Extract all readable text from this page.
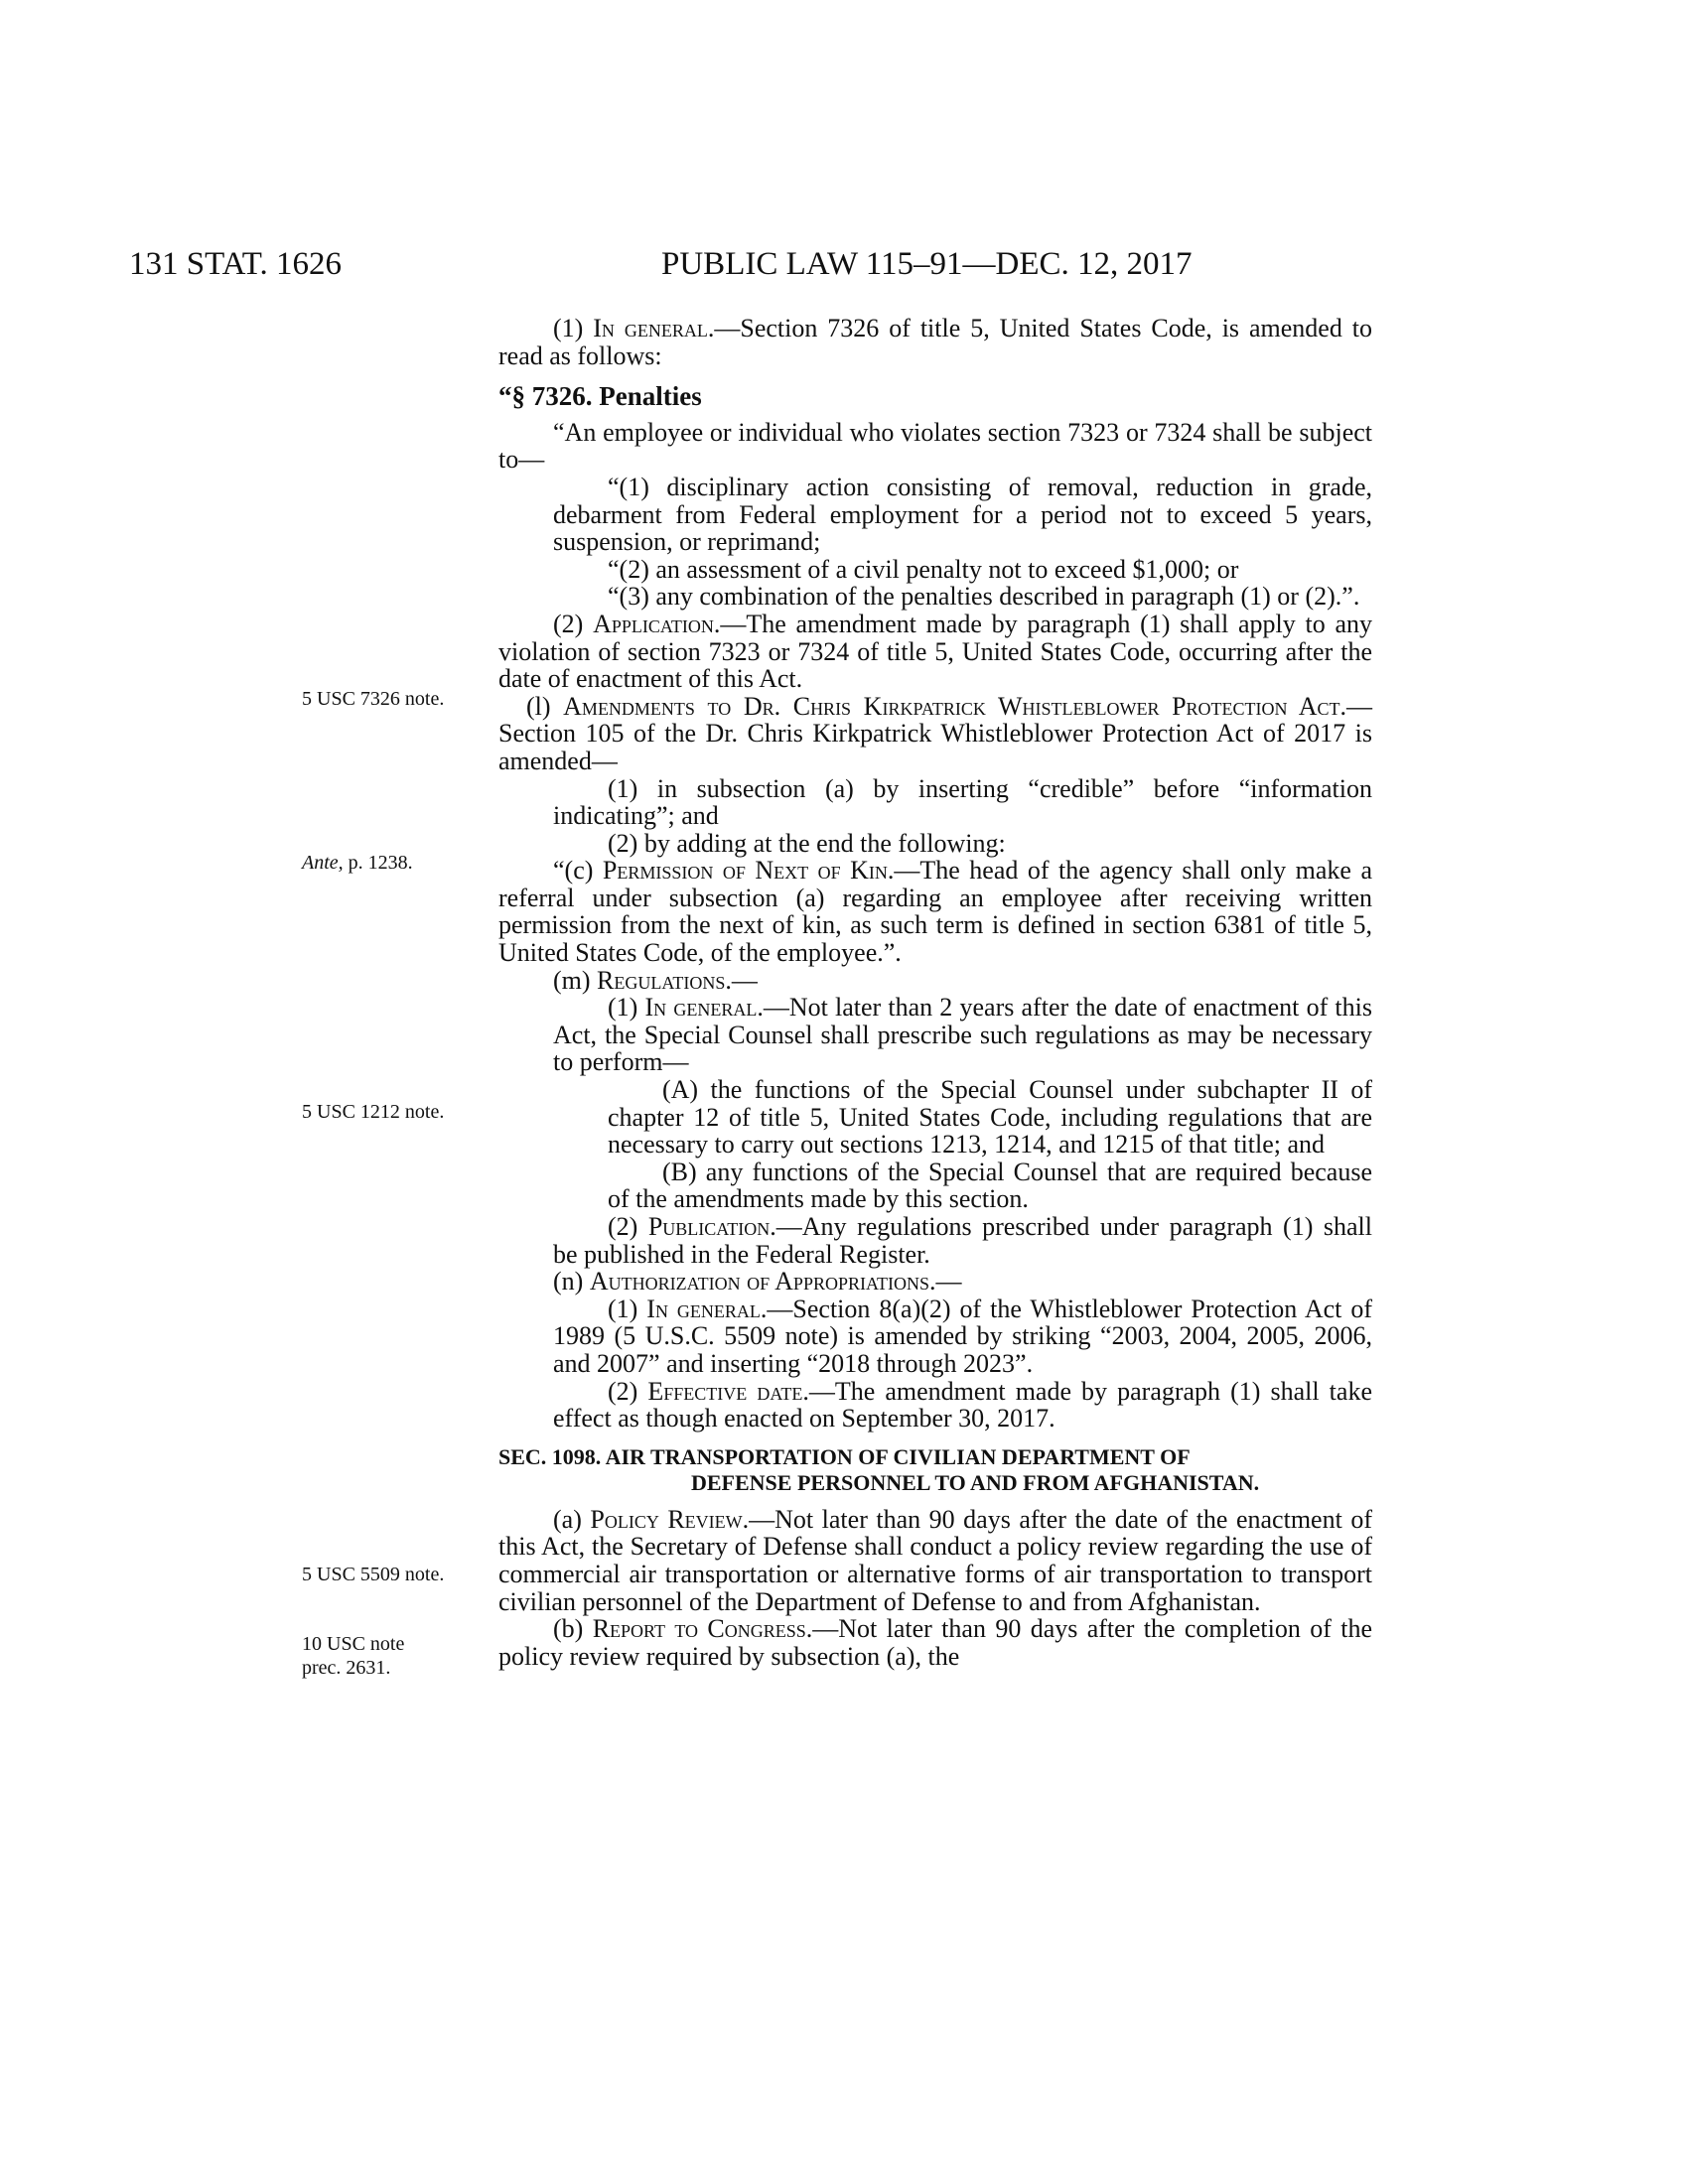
131 STAT. 1626	PUBLIC LAW 115–91—DEC. 12, 2017
5 USC 7326 note.
Ante, p. 1238.
5 USC 1212 note.
5 USC 5509 note.
10 USC note
prec. 2631.

(1) In general.—Section 7326 of title 5, United States Code, is amended to read as follows:

“§ 7326. Penalties

“An employee or individual who violates section 7323 or 7324 shall be subject to—

“(1) disciplinary action consisting of removal, reduction in grade, debarment from Federal employment for a period not to exceed 5 years, suspension, or reprimand;

“(2) an assessment of a civil penalty not to exceed $1,000; or

“(3) any combination of the penalties described in paragraph (1) or (2).”.

(2) Application.—The amendment made by paragraph (1) shall apply to any violation of section 7323 or 7324 of title 5, United States Code, occurring after the date of enactment of this Act.

(l) Amendments to Dr. Chris Kirkpatrick Whistleblower Protection Act.—Section 105 of the Dr. Chris Kirkpatrick Whistleblower Protection Act of 2017 is amended—

(1) in subsection (a) by inserting “credible” before “information indicating”; and

(2) by adding at the end the following:

“(c) Permission of Next of Kin.—The head of the agency shall only make a referral under subsection (a) regarding an employee after receiving written permission from the next of kin, as such term is defined in section 6381 of title 5, United States Code, of the employee.”.

(m) Regulations.—

(1) In general.—Not later than 2 years after the date of enactment of this Act, the Special Counsel shall prescribe such regulations as may be necessary to perform—

(A) the functions of the Special Counsel under subchapter II of chapter 12 of title 5, United States Code, including regulations that are necessary to carry out sections 1213, 1214, and 1215 of that title; and

(B) any functions of the Special Counsel that are required because of the amendments made by this section.

(2) Publication.—Any regulations prescribed under paragraph (1) shall be published in the Federal Register.

(n) Authorization of Appropriations.—

(1) In general.—Section 8(a)(2) of the Whistleblower Protection Act of 1989 (5 U.S.C. 5509 note) is amended by striking “2003, 2004, 2005, 2006, and 2007” and inserting “2018 through 2023”.

(2) Effective date.—The amendment made by paragraph (1) shall take effect as though enacted on September 30, 2017.

SEC. 1098. AIR TRANSPORTATION OF CIVILIAN DEPARTMENT OF
DEFENSE PERSONNEL TO AND FROM AFGHANISTAN.

(a) Policy Review.—Not later than 90 days after the date of the enactment of this Act, the Secretary of Defense shall conduct a policy review regarding the use of commercial air transportation or alternative forms of air transportation to transport civilian personnel of the Department of Defense to and from Afghanistan.

(b) Report to Congress.—Not later than 90 days after the completion of the policy review required by subsection (a), the
